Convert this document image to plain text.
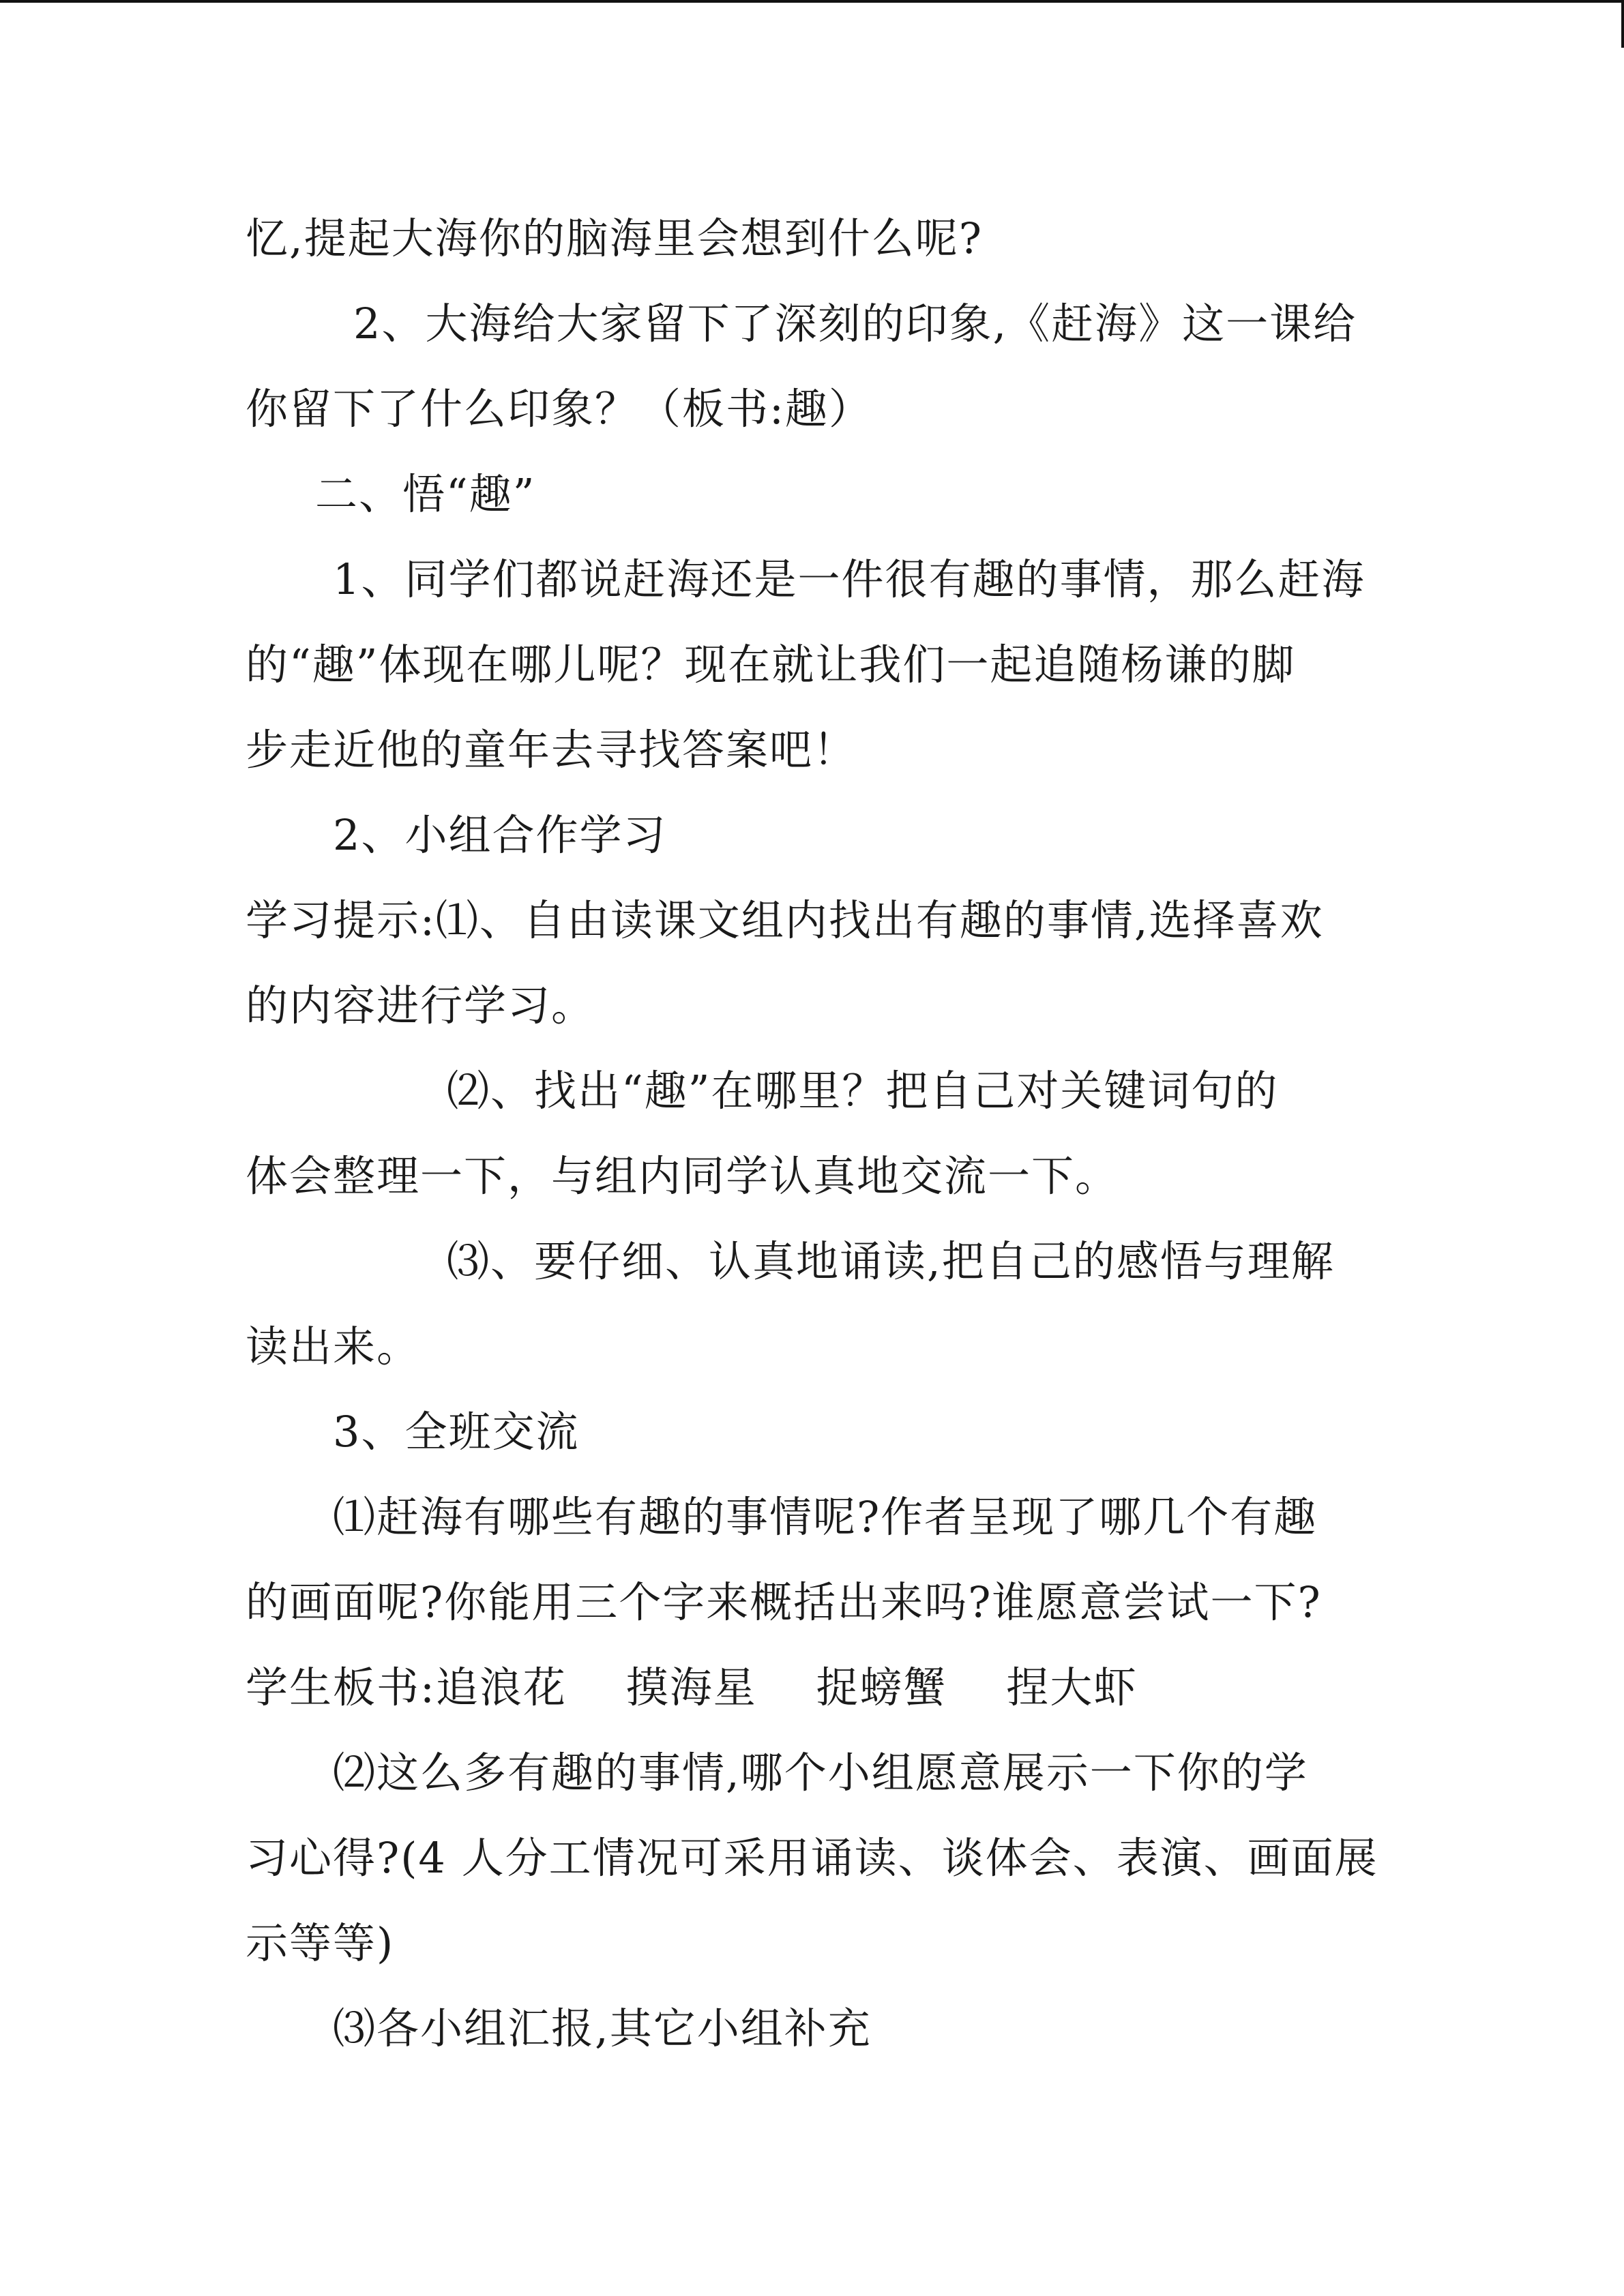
忆,提起大海你的脑海里会想到什么呢?
2、大海给大家留下了深刻的印象,《赶海》这一课给
你留下了什么印象？（板书:趣）
二、悟“趣”
1、同学们都说赶海还是一件很有趣的事情，那么赶海
的“趣”体现在哪儿呢？现在就让我们一起追随杨谦的脚
步走近他的童年去寻找答案吧！
2、小组合作学习
学习提示:⑴、自由读课文组内找出有趣的事情,选择喜欢
的内容进行学习。
⑵、找出“趣”在哪里？把自己对关键词句的
体会整理一下，与组内同学认真地交流一下。
⑶、要仔细、认真地诵读,把自己的感悟与理解
读出来。
3、全班交流
⑴赶海有哪些有趣的事情呢?作者呈现了哪几个有趣
的画面呢?你能用三个字来概括出来吗?谁愿意尝试一下?
学生板书:追浪花    摸海星    捉螃蟹    捏大虾
⑵这么多有趣的事情,哪个小组愿意展示一下你的学
习心得?(4 人分工情况可采用诵读、谈体会、表演、画面展
示等等)
⑶各小组汇报,其它小组补充
